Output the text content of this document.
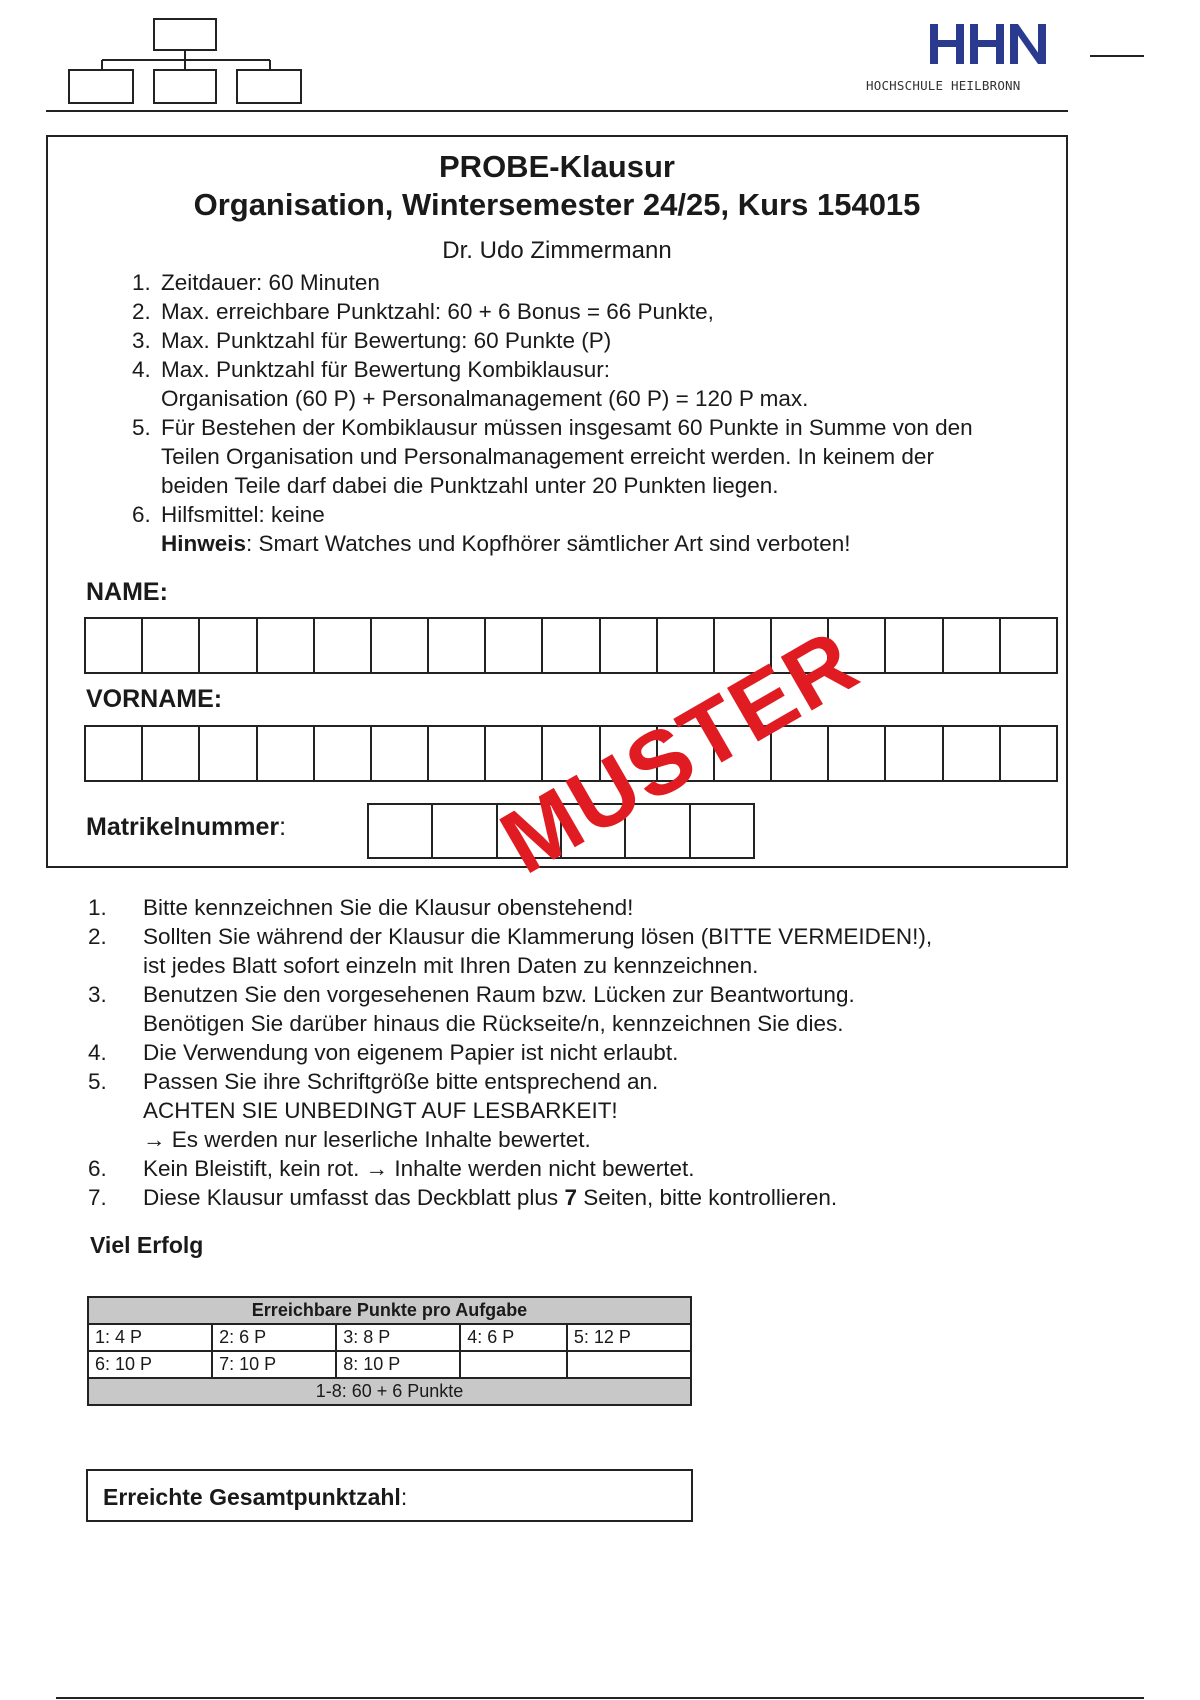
HOCHSCHULE HEILBRONN
PROBE-Klausur
Organisation, Wintersemester 24/25, Kurs 154015
Dr. Udo Zimmermann
1. Zeitdauer: 60 Minuten
2. Max. erreichbare Punktzahl: 60 + 6 Bonus = 66 Punkte,
3. Max. Punktzahl für Bewertung: 60 Punkte (P)
4. Max. Punktzahl für Bewertung Kombiklausur:
Organisation (60 P) + Personalmanagement (60 P) = 120 P max.
5. Für Bestehen der Kombiklausur müssen insgesamt 60 Punkte in Summe von den
Teilen Organisation und Personalmanagement erreicht werden. In keinem der
beiden Teile darf dabei die Punktzahl unter 20 Punkten liegen.
6. Hilfsmittel: keine
Hinweis: Smart Watches und Kopfhörer sämtlicher Art sind verboten!
NAME:
VORNAME:
Matrikelnummer: MUSTER
1. Bitte kennzeichnen Sie die Klausur obenstehend!
2. Sollten Sie während der Klausur die Klammerung lösen (BITTE VERMEIDEN!),
ist jedes Blatt sofort einzeln mit Ihren Daten zu kennzeichnen.
3. Benutzen Sie den vorgesehenen Raum bzw. Lücken zur Beantwortung.
Benötigen Sie darüber hinaus die Rückseite/n, kennzeichnen Sie dies.
4. Die Verwendung von eigenem Papier ist nicht erlaubt.
5. Passen Sie ihre Schriftgröße bitte entsprechend an.
ACHTEN SIE UNBEDINGT AUF LESBARKEIT!
→ Es werden nur leserliche Inhalte bewertet.
6. Kein Bleistift, kein rot. → Inhalte werden nicht bewertet.
7. Diese Klausur umfasst das Deckblatt plus 7 Seiten, bitte kontrollieren.
Viel Erfolg
Erreichbare Punkte pro Aufgabe				
1: 4 P	2: 6 P	3: 8 P	4: 6 P	5: 12 P
6: 10 P	7: 10 P	8: 10 P		
1-8: 60 + 6 Punkte				
Erreichte Gesamtpunktzahl:
